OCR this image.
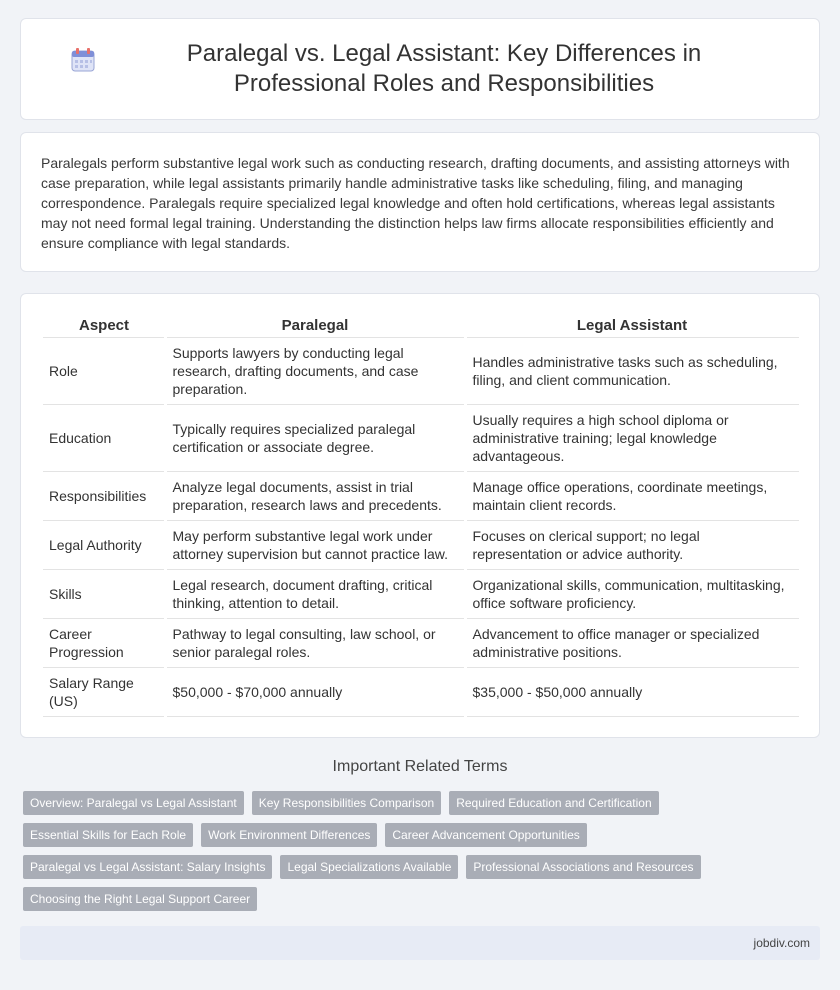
Paralegal vs. Legal Assistant: Key Differences in Professional Roles and Responsibilities

Paralegals perform substantive legal work such as conducting research, drafting documents, and assisting attorneys with case preparation, while legal assistants primarily handle administrative tasks like scheduling, filing, and managing correspondence. Paralegals require specialized legal knowledge and often hold certifications, whereas legal assistants may not need formal legal training. Understanding the distinction helps law firms allocate responsibilities efficiently and ensure compliance with legal standards.

Aspect	Paralegal	Legal Assistant
Role	Supports lawyers by conducting legal research, drafting documents, and case preparation.	Handles administrative tasks such as scheduling, filing, and client communication.
Education	Typically requires specialized paralegal certification or associate degree.	Usually requires a high school diploma or administrative training; legal knowledge advantageous.
Responsibilities	Analyze legal documents, assist in trial preparation, research laws and precedents.	Manage office operations, coordinate meetings, maintain client records.
Legal Authority	May perform substantive legal work under attorney supervision but cannot practice law.	Focuses on clerical support; no legal representation or advice authority.
Skills	Legal research, document drafting, critical thinking, attention to detail.	Organizational skills, communication, multitasking, office software proficiency.
Career Progression	Pathway to legal consulting, law school, or senior paralegal roles.	Advancement to office manager or specialized administrative positions.
Salary Range (US)	$50,000 - $70,000 annually	$35,000 - $50,000 annually
Important Related Terms
Overview: Paralegal vs Legal Assistant	Key Responsibilities Comparison	Required Education and Certification
Essential Skills for Each Role	Work Environment Differences	Career Advancement Opportunities
Paralegal vs Legal Assistant: Salary Insights	Legal Specializations Available	Professional Associations and Resources
Choosing the Right Legal Support Career
jobdiv.com
